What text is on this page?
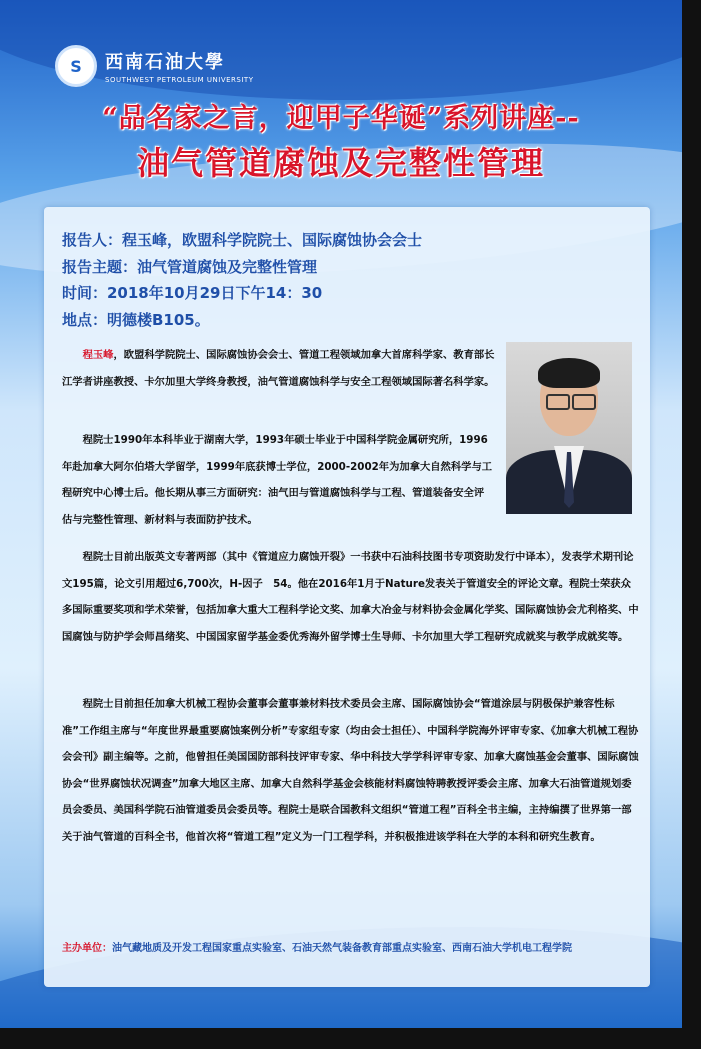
S	西南石油大學
SOUTHWEST PETROLEUM UNIVERSITY
“品名家之言，迎甲子华诞”系列讲座--
油气管道腐蚀及完整性管理
报告人：程玉峰，欧盟科学院院士、国际腐蚀协会会士
报告主题：油气管道腐蚀及完整性管理
时间：2018年10月29日下午14：30
地点：明德楼B105。

程玉峰，欧盟科学院院士、国际腐蚀协会会士、管道工程领域加拿大首席科学家、教育部长江学者讲座教授、卡尔加里大学终身教授，油气管道腐蚀科学与安全工程领域国际著名科学家。

程院士1990年本科毕业于湖南大学，1993年硕士毕业于中国科学院金属研究所，1996年赴加拿大阿尔伯塔大学留学，1999年底获博士学位，2000-2002年为加拿大自然科学与工程研究中心博士后。他长期从事三方面研究：油气田与管道腐蚀科学与工程、管道装备安全评估与完整性管理、新材料与表面防护技术。

程院士目前出版英文专著两部（其中《管道应力腐蚀开裂》一书获中石油科技图书专项资助发行中译本），发表学术期刊论文195篇，论文引用超过6,700次，H-因子　54。他在2016年1月于Nature发表关于管道安全的评论文章。程院士荣获众多国际重要奖项和学术荣誉，包括加拿大重大工程科学论文奖、加拿大冶金与材料协会金属化学奖、国际腐蚀协会尤利格奖、中国腐蚀与防护学会师昌绪奖、中国国家留学基金委优秀海外留学博士生导师、卡尔加里大学工程研究成就奖与教学成就奖等。

程院士目前担任加拿大机械工程协会董事会董事兼材料技术委员会主席、国际腐蚀协会“管道涂层与阴极保护兼容性标准”工作组主席与“年度世界最重要腐蚀案例分析”专家组专家（均由会士担任）、中国科学院海外评审专家、《加拿大机械工程协会会刊》副主编等。之前，他曾担任美国国防部科技评审专家、华中科技大学学科评审专家、加拿大腐蚀基金会董事、国际腐蚀协会“世界腐蚀状况调查”加拿大地区主席、加拿大自然科学基金会核能材料腐蚀特聘教授评委会主席、加拿大石油管道规划委员会委员、美国科学院石油管道委员会委员等。程院士是联合国教科文组织“管道工程”百科全书主编，主持编撰了世界第一部关于油气管道的百科全书，他首次将“管道工程”定义为一门工程学科，并积极推进该学科在大学的本科和研究生教育。

主办单位：油气藏地质及开发工程国家重点实验室、石油天然气装备教育部重点实验室、西南石油大学机电工程学院
